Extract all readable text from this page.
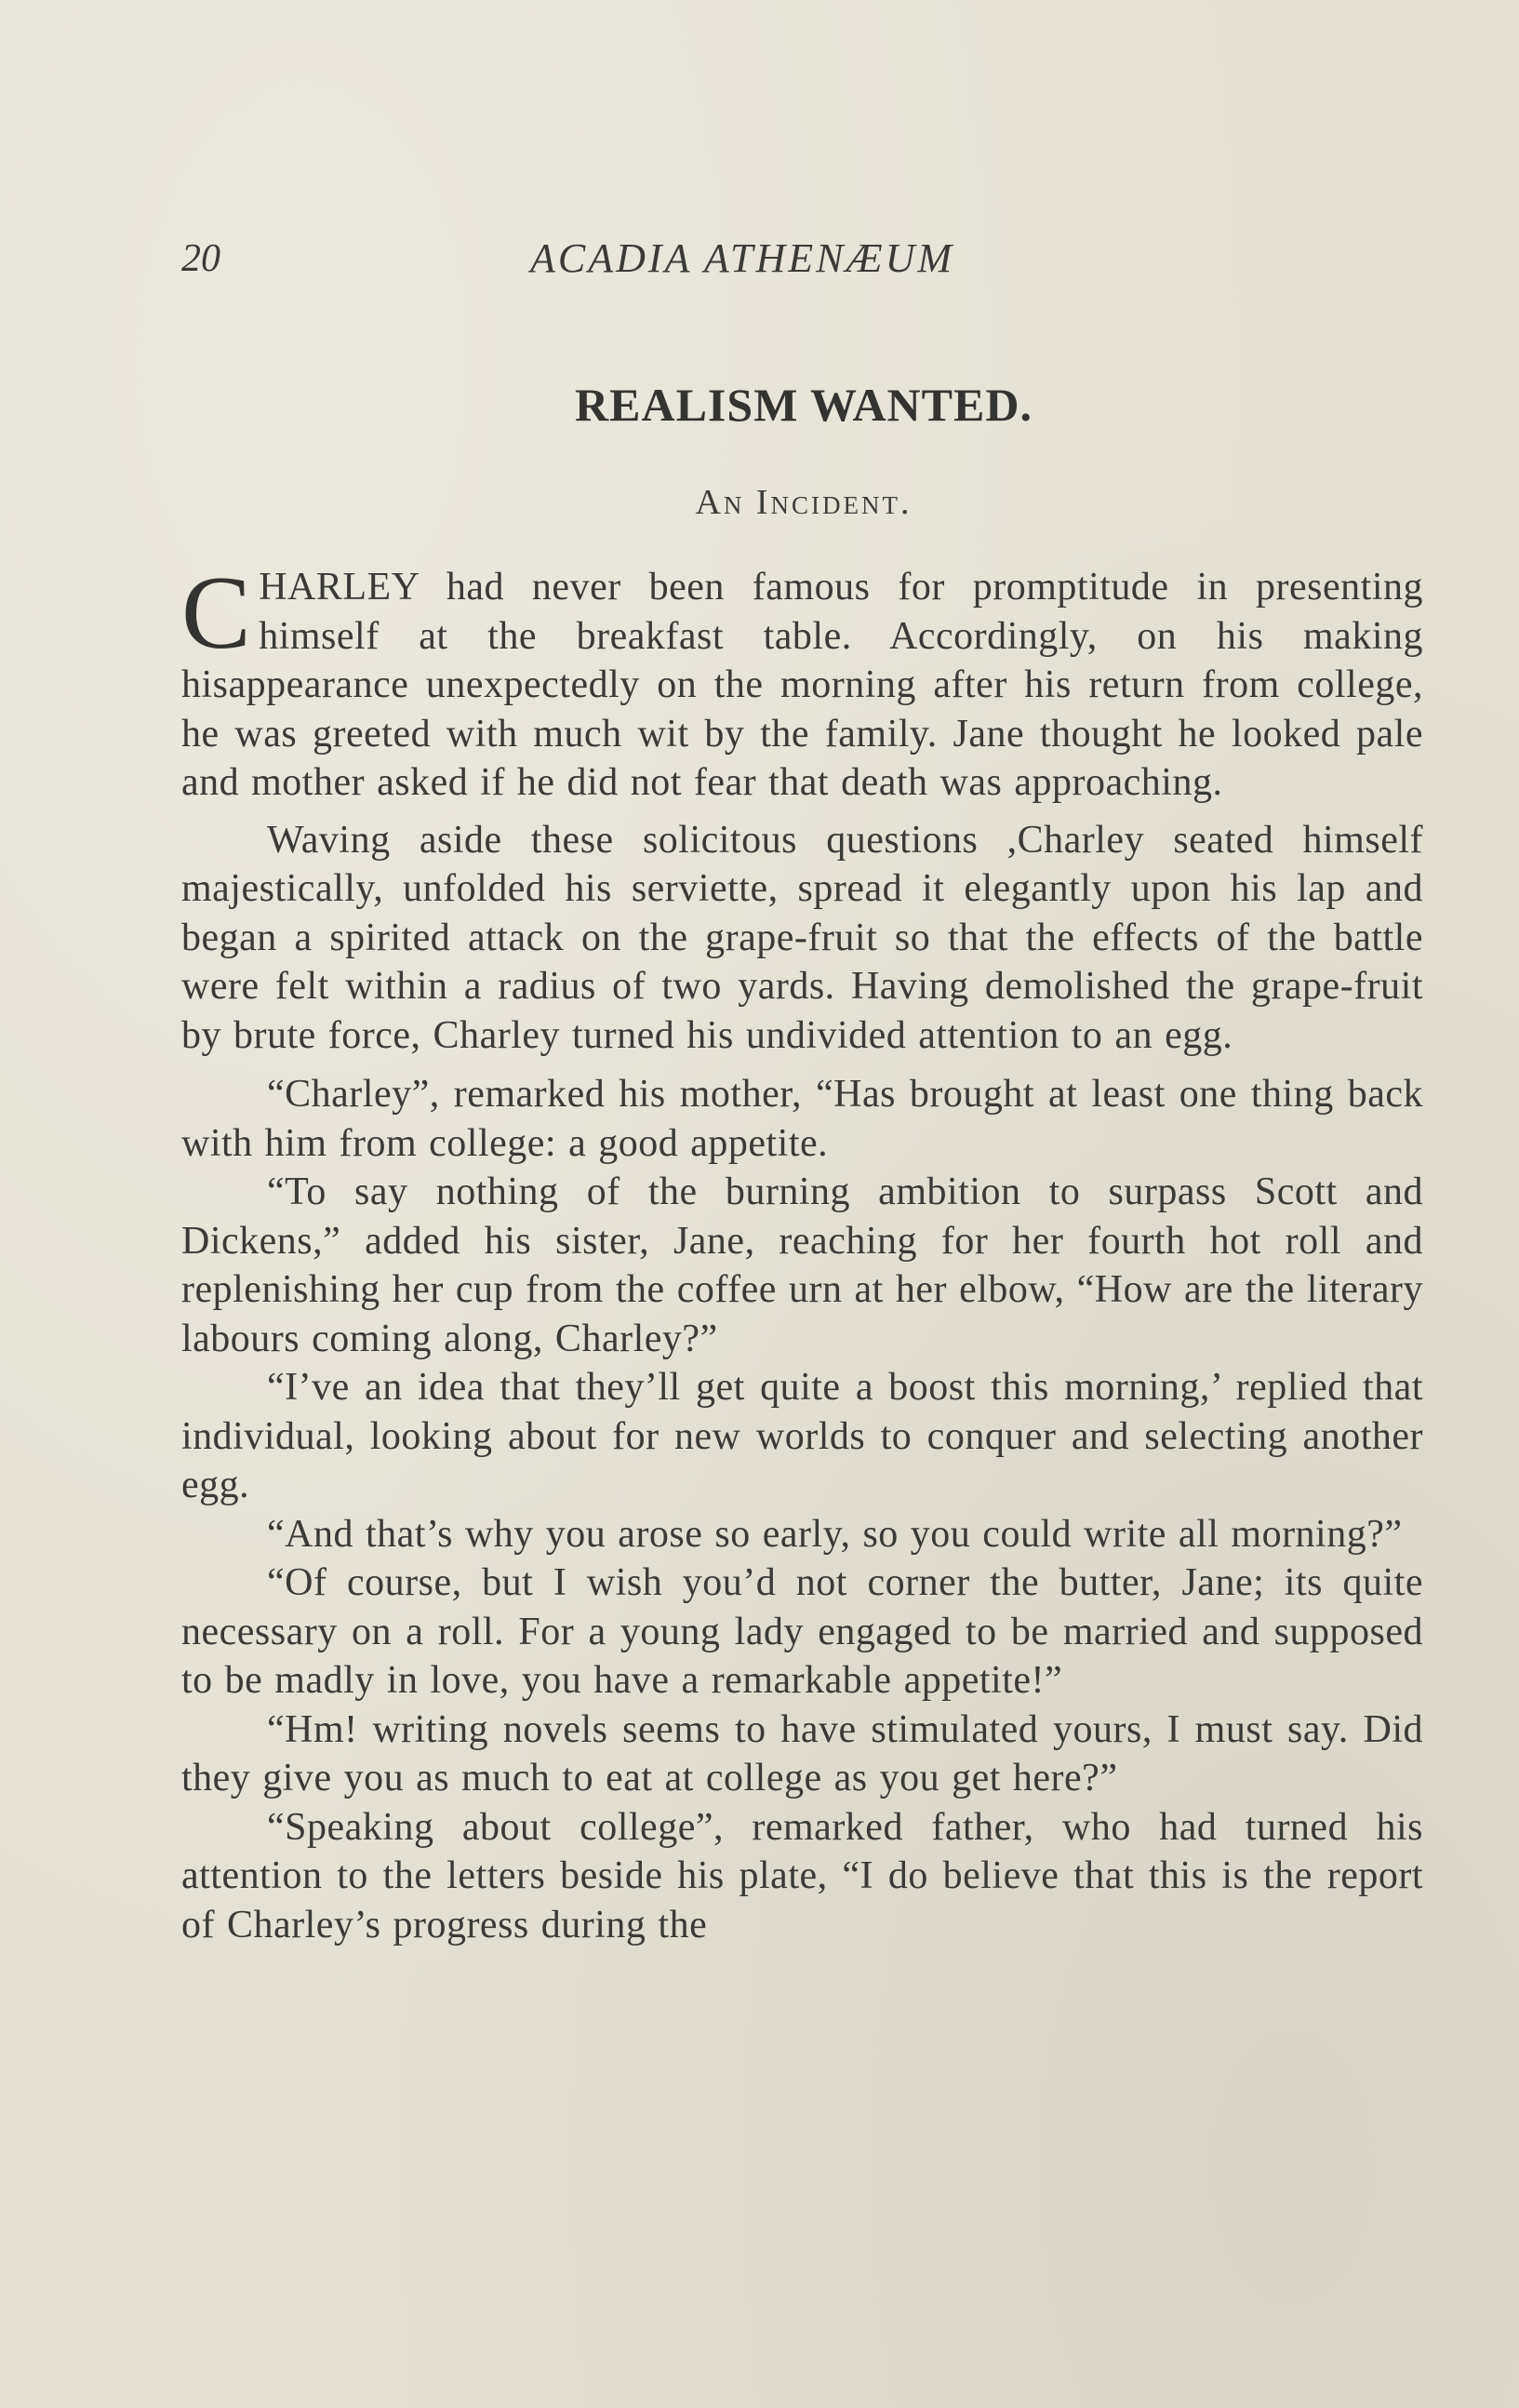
20	ACADIA ATHENÆUM
REALISM WANTED.
An Incident.

CHARLEY had never been famous for promptitude in presenting himself at the breakfast table. Accordingly, on his making hisappearance unexpectedly on the morning after his return from college, he was greeted with much wit by the family. Jane thought he looked pale and mother asked if he did not fear that death was approaching.

Waving aside these solicitous questions ,Charley seated himself majestically, unfolded his serviette, spread it elegantly upon his lap and began a spirited attack on the grape-fruit so that the effects of the battle were felt within a radius of two yards. Having demolished the grape-fruit by brute force, Charley turned his undivided attention to an egg.

“Charley”, remarked his mother, “Has brought at least one thing back with him from college: a good appetite.

“To say nothing of the burning ambition to surpass Scott and Dickens,” added his sister, Jane, reaching for her fourth hot roll and replenishing her cup from the coffee urn at her elbow, “How are the literary labours coming along, Charley?”

“I’ve an idea that they’ll get quite a boost this morning,’ replied that individual, looking about for new worlds to conquer and selecting another egg.

“And that’s why you arose so early, so you could write all morning?”

“Of course, but I wish you’d not corner the butter, Jane; its quite necessary on a roll. For a young lady engaged to be married and supposed to be madly in love, you have a remarkable appetite!”

“Hm! writing novels seems to have stimulated yours, I must say. Did they give you as much to eat at college as you get here?”

“Speaking about college”, remarked father, who had turned his attention to the letters beside his plate, “I do believe that this is the report of Charley’s progress during the
